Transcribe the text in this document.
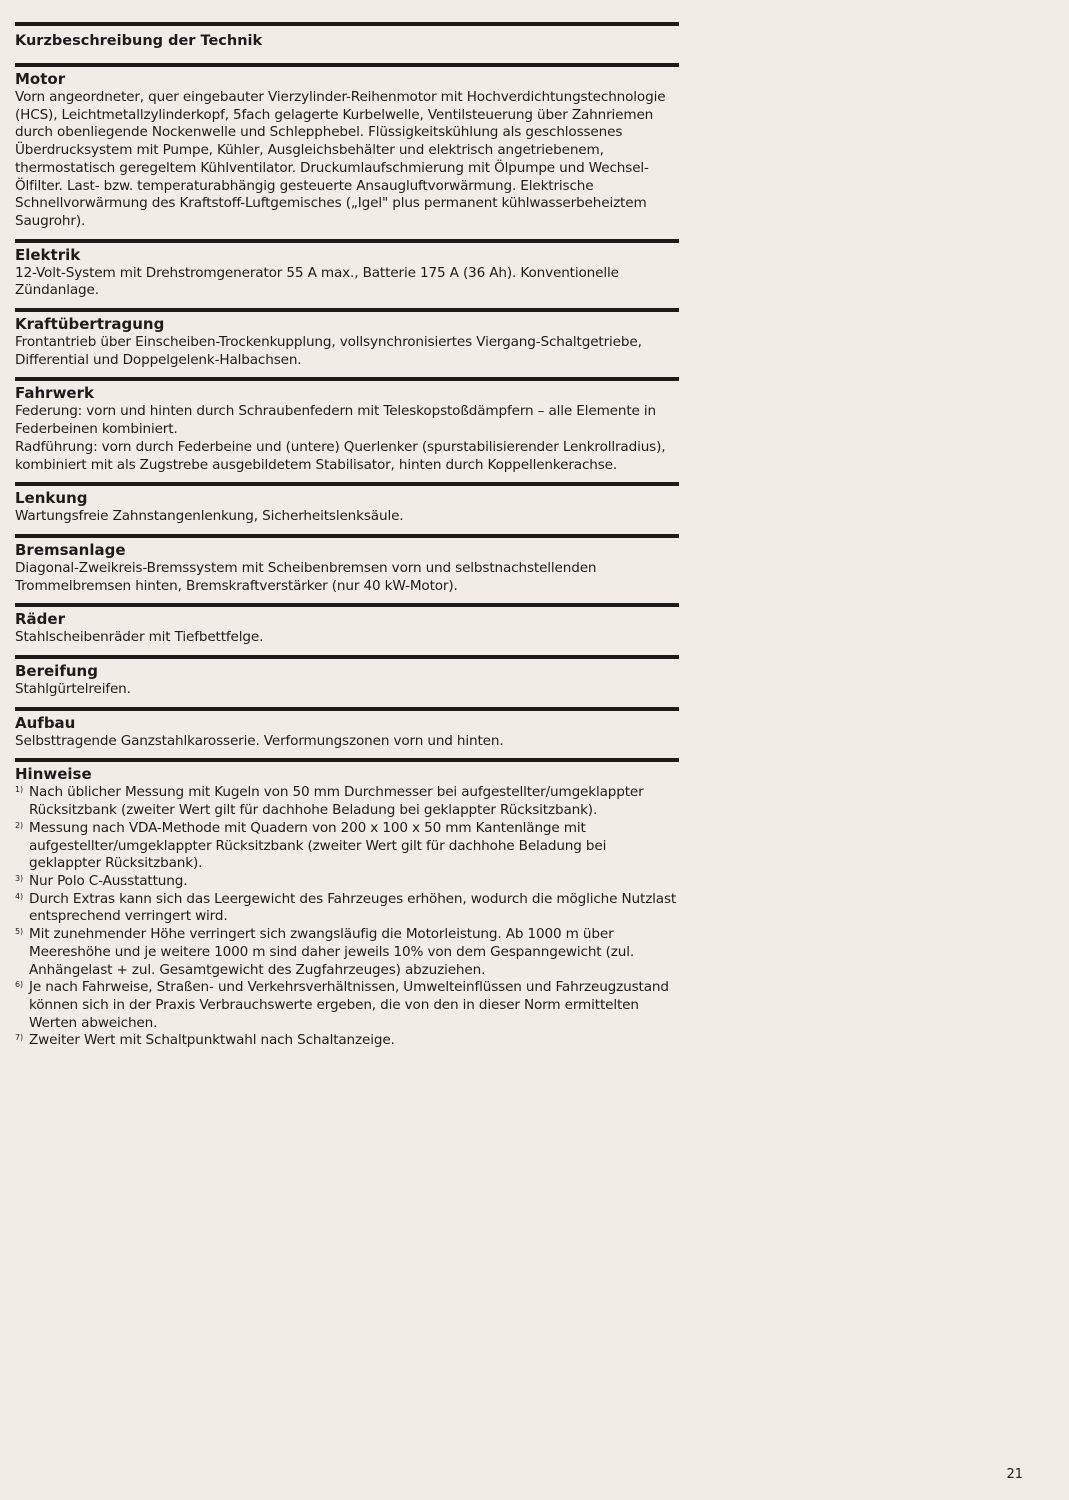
Kurzbeschreibung der Technik
Motor

Vorn angeordneter, quer eingebauter Vierzylinder-Reihenmotor mit Hochverdichtungstechnologie (HCS), Leichtmetallzylinderkopf, 5fach gelagerte Kurbelwelle, Ventilsteuerung über Zahnriemen durch obenliegende Nockenwelle und Schlepphebel. Flüssigkeitskühlung als geschlossenes Überdrucksystem mit Pumpe, Kühler, Ausgleichsbehälter und elektrisch angetriebenem, thermostatisch geregeltem Kühlventilator. Druckumlaufschmierung mit Ölpumpe und Wechsel-Ölfilter. Last- bzw. temperaturabhängig gesteuerte Ansaugluftvorwärmung. Elektrische Schnellvorwärmung des Kraftstoff-Luftgemisches („Igel" plus permanent kühlwasserbeheiztem Saugrohr).

Elektrik

12-Volt-System mit Drehstromgenerator 55 A max., Batterie 175 A (36 Ah). Konventionelle Zündanlage.

Kraftübertragung

Frontantrieb über Einscheiben-Trockenkupplung, vollsynchronisiertes Viergang-Schaltgetriebe, Differential und Doppelgelenk-Halbachsen.

Fahrwerk

Federung: vorn und hinten durch Schraubenfedern mit Teleskopstoßdämpfern – alle Elemente in Federbeinen kombiniert.

Radführung: vorn durch Federbeine und (untere) Querlenker (spurstabilisierender Lenkrollradius), kombiniert mit als Zugstrebe ausgebildetem Stabilisator, hinten durch Koppellenkerachse.

Lenkung

Wartungsfreie Zahnstangenlenkung, Sicherheitslenksäule.

Bremsanlage

Diagonal-Zweikreis-Bremssystem mit Scheibenbremsen vorn und selbstnachstellenden Trommelbremsen hinten, Bremskraftverstärker (nur 40 kW-Motor).

Räder

Stahlscheibenräder mit Tiefbettfelge.

Bereifung

Stahlgürtelreifen.

Aufbau

Selbsttragende Ganzstahlkarosserie. Verformungszonen vorn und hinten.

Hinweise
1) Nach üblicher Messung mit Kugeln von 50 mm Durchmesser bei aufgestellter/umgeklappter Rücksitzbank (zweiter Wert gilt für dachhohe Beladung bei geklappter Rücksitzbank).
2) Messung nach VDA-Methode mit Quadern von 200 x 100 x 50 mm Kantenlänge mit aufgestellter/umgeklappter Rücksitzbank (zweiter Wert gilt für dachhohe Beladung bei geklappter Rücksitzbank).
3) Nur Polo C-Ausstattung.
4) Durch Extras kann sich das Leergewicht des Fahrzeuges erhöhen, wodurch die mögliche Nutzlast entsprechend verringert wird.
5) Mit zunehmender Höhe verringert sich zwangsläufig die Motorleistung. Ab 1000 m über Meereshöhe und je weitere 1000 m sind daher jeweils 10% von dem Gespanngewicht (zul. Anhängelast + zul. Gesamtgewicht des Zugfahrzeuges) abzuziehen.
6) Je nach Fahrweise, Straßen- und Verkehrsverhältnissen, Umwelteinflüssen und Fahrzeugzustand können sich in der Praxis Verbrauchswerte ergeben, die von den in dieser Norm ermittelten Werten abweichen.
7) Zweiter Wert mit Schaltpunktwahl nach Schaltanzeige.
21
